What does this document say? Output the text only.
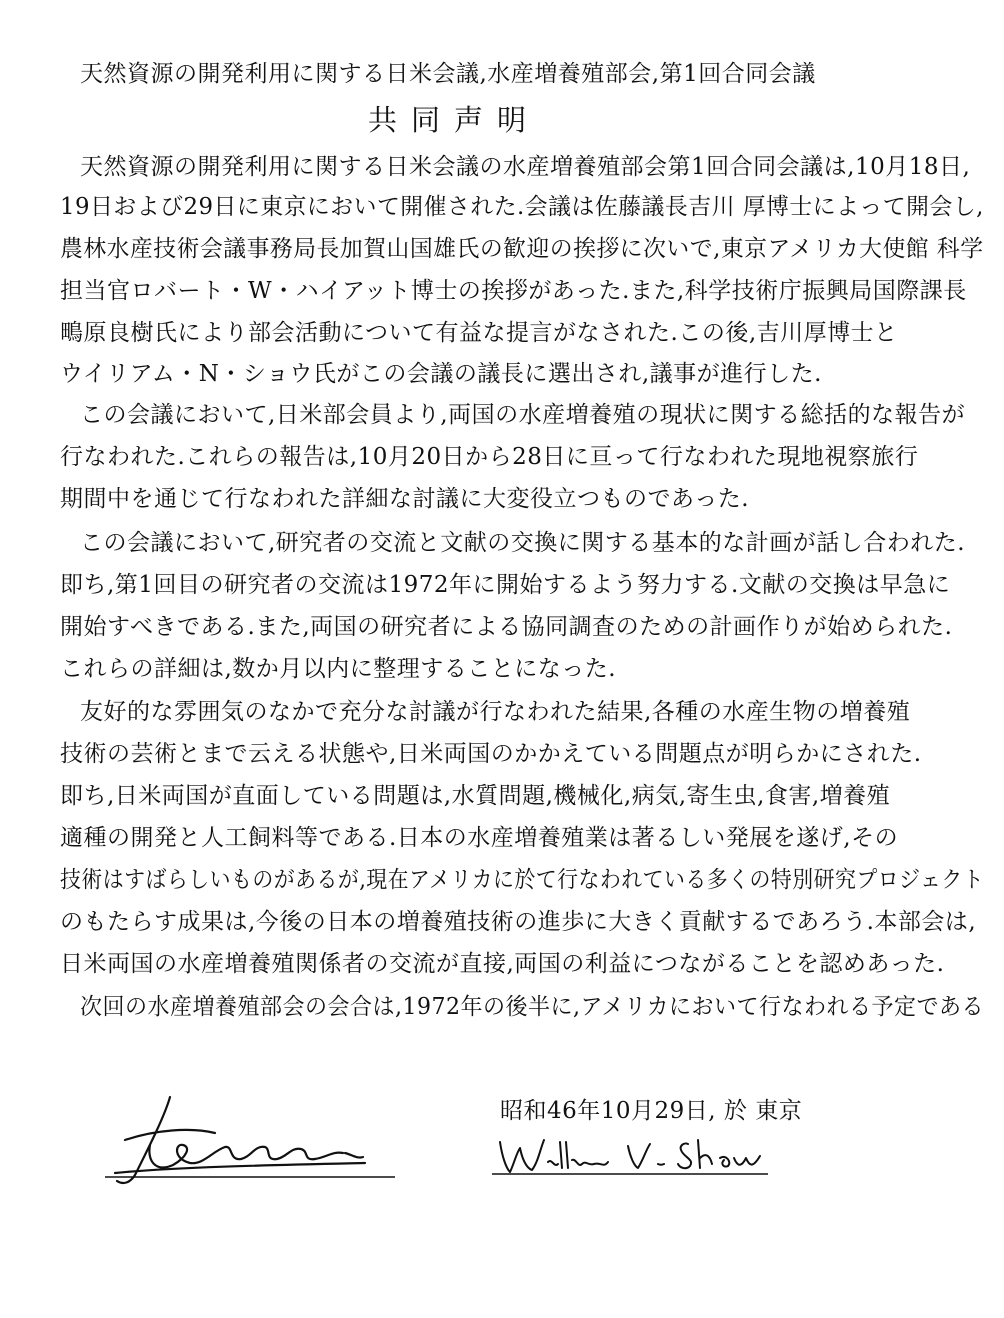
天然資源の開発利用に関する日米会議,水産増養殖部会,第1回合同会議
共同声明
天然資源の開発利用に関する日米会議の水産増養殖部会第1回合同会議は,10月18日,
19日および29日に東京において開催された.会議は佐藤議長吉川 厚博士によって開会し,
農林水産技術会議事務局長加賀山国雄氏の歓迎の挨拶に次いで,東京アメリカ大使館 科学
担当官ロバート・W・ハイアット博士の挨拶があった.また,科学技術庁振興局国際課長
鴫原良樹氏により部会活動について有益な提言がなされた.この後,吉川厚博士と
ウイリアム・N・ショウ氏がこの会議の議長に選出され,議事が進行した.
この会議において,日米部会員より,両国の水産増養殖の現状に関する総括的な報告が
行なわれた.これらの報告は,10月20日から28日に亘って行なわれた現地視察旅行
期間中を通じて行なわれた詳細な討議に大変役立つものであった.
この会議において,研究者の交流と文献の交換に関する基本的な計画が話し合われた.
即ち,第1回目の研究者の交流は1972年に開始するよう努力する.文献の交換は早急に
開始すべきである.また,両国の研究者による協同調査のための計画作りが始められた.
これらの詳細は,数か月以内に整理することになった.
友好的な雰囲気のなかで充分な討議が行なわれた結果,各種の水産生物の増養殖
技術の芸術とまで云える状態や,日米両国のかかえている問題点が明らかにされた.
即ち,日米両国が直面している問題は,水質問題,機械化,病気,寄生虫,食害,増養殖
適種の開発と人工飼料等である.日本の水産増養殖業は著るしい発展を遂げ,その
技術はすばらしいものがあるが,現在アメリカに於て行なわれている多くの特別研究プロジェクト
のもたらす成果は,今後の日本の増養殖技術の進歩に大きく貢献するであろう.本部会は,
日米両国の水産増養殖関係者の交流が直接,両国の利益につながることを認めあった.
次回の水産増養殖部会の会合は,1972年の後半に,アメリカにおいて行なわれる予定である
昭和46年10月29日, 於 東京
